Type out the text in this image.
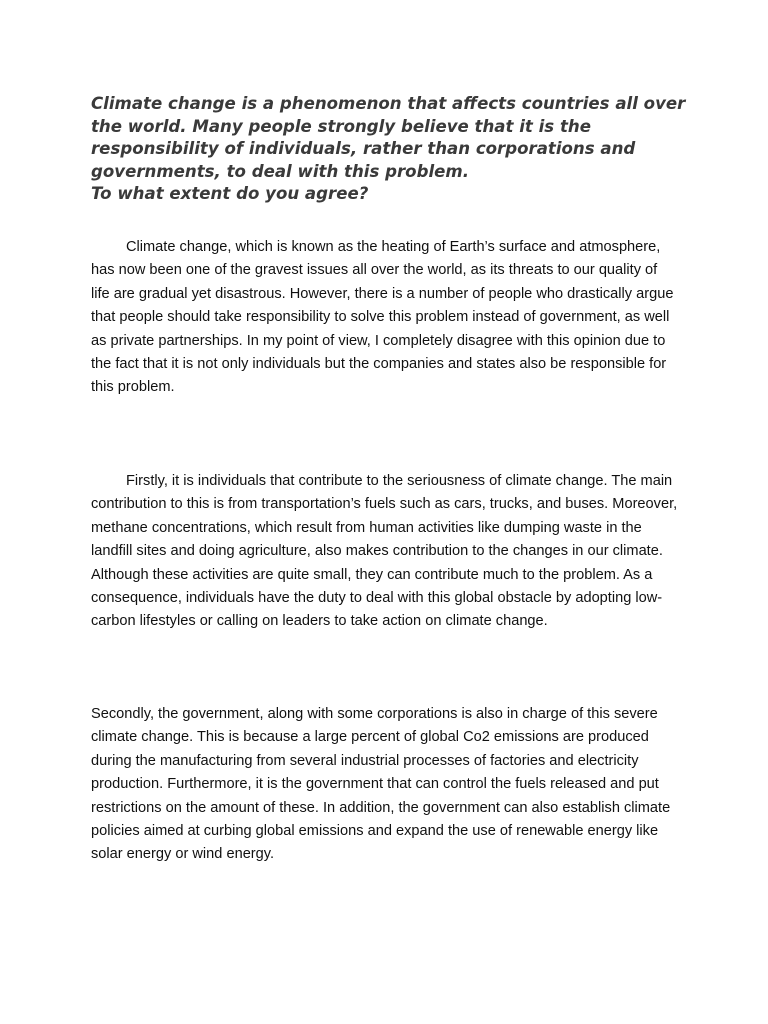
Climate change is a phenomenon that affects countries all over the world. Many people strongly believe that it is the responsibility of individuals, rather than corporations and governments, to deal with this problem.
To what extent do you agree?

Climate change, which is known as the heating of Earth’s surface and atmosphere, has now been one of the gravest issues all over the world, as its threats to our quality of life are gradual yet disastrous. However, there is a number of people who drastically argue that people should take responsibility to solve this problem instead of government, as well as private partnerships. In my point of view, I completely disagree with this opinion due to the fact that it is not only individuals but the companies and states also be responsible for this problem.

Firstly, it is individuals that contribute to the seriousness of climate change. The main contribution to this is from transportation’s fuels such as cars, trucks, and buses. Moreover, methane concentrations, which result from human activities like dumping waste in the landfill sites and doing agriculture, also makes contribution to the changes in our climate. Although these activities are quite small, they can contribute much to the problem. As a consequence, individuals have the duty to deal with this global obstacle by adopting low-carbon lifestyles or calling on leaders to take action on climate change.

Secondly, the government, along with some corporations is also in charge of this severe climate change. This is because a large percent of global Co2 emissions are produced during the manufacturing from several industrial processes of factories and electricity production. Furthermore, it is the government that can control the fuels released and put restrictions on the amount of these. In addition, the government can also establish climate policies aimed at curbing global emissions and expand the use of renewable energy like solar energy or wind energy.
